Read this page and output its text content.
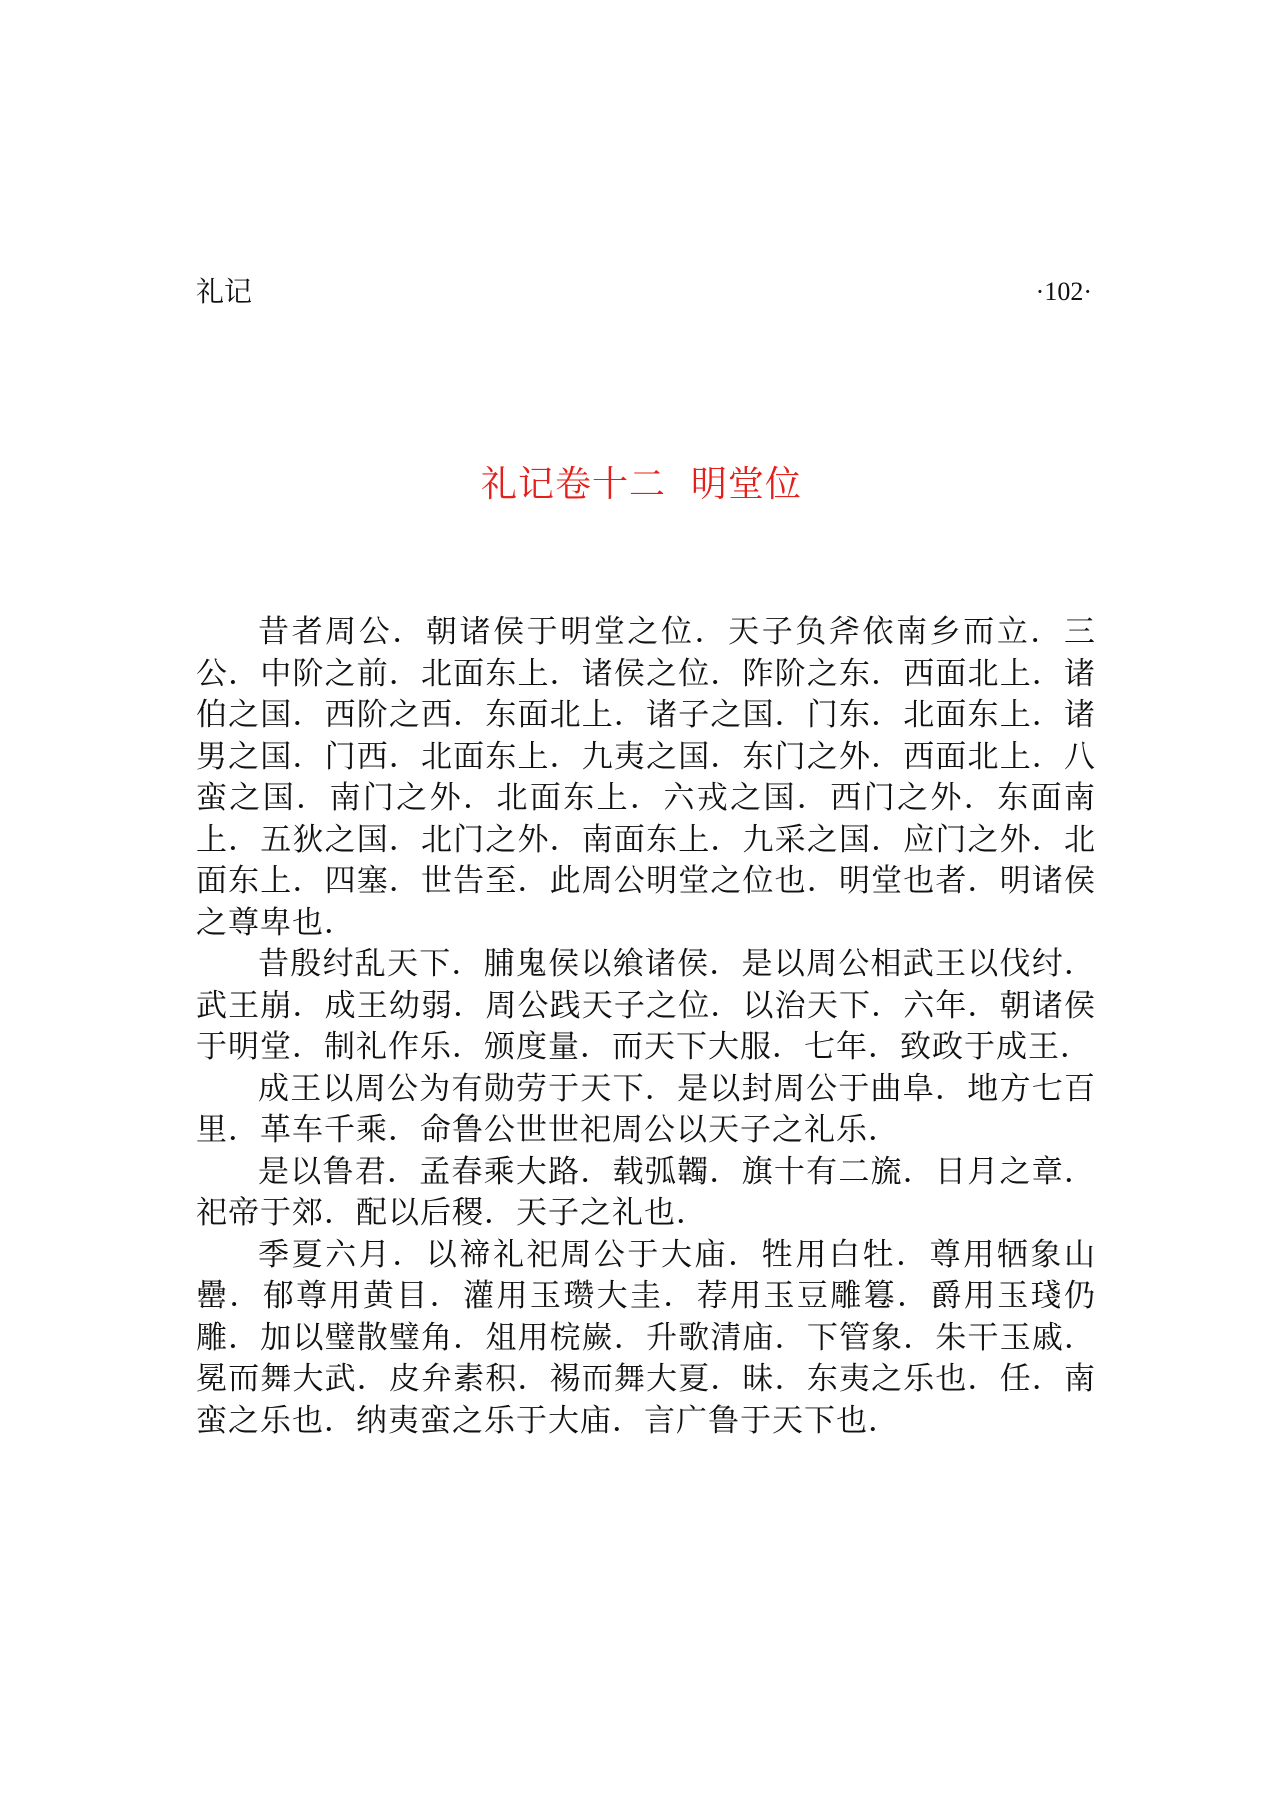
礼记	·102·
礼记卷十二  明堂位

昔者周公．朝诸侯于明堂之位．天子负斧依南乡而立．三公．中阶之前．北面东上．诸侯之位．阼阶之东．西面北上．诸伯之国．西阶之西．东面北上．诸子之国．门东．北面东上．诸男之国．门西．北面东上．九夷之国．东门之外．西面北上．八蛮之国．南门之外．北面东上．六戎之国．西门之外．东面南上．五狄之国．北门之外．南面东上．九采之国．应门之外．北面东上．四塞．世告至．此周公明堂之位也．明堂也者．明诸侯之尊卑也．

昔殷纣乱天下．脯鬼侯以飨诸侯．是以周公相武王以伐纣．武王崩．成王幼弱．周公践天子之位．以治天下．六年．朝诸侯于明堂．制礼作乐．颁度量．而天下大服．七年．致政于成王．

成王以周公为有勋劳于天下．是以封周公于曲阜．地方七百里．革车千乘．命鲁公世世祀周公以天子之礼乐．

是以鲁君．孟春乘大路．载弧韣．旗十有二旒．日月之章．祀帝于郊．配以后稷．天子之礼也．

季夏六月．以禘礼祀周公于大庙．牲用白牡．尊用牺象山罍．郁尊用黄目．灌用玉瓒大圭．荐用玉豆雕篹．爵用玉琖仍雕．加以璧散璧角．俎用梡嶡．升歌清庙．下管象．朱干玉戚．冕而舞大武．皮弁素积．裼而舞大夏．昧．东夷之乐也．任．南蛮之乐也．纳夷蛮之乐于大庙．言广鲁于天下也．
